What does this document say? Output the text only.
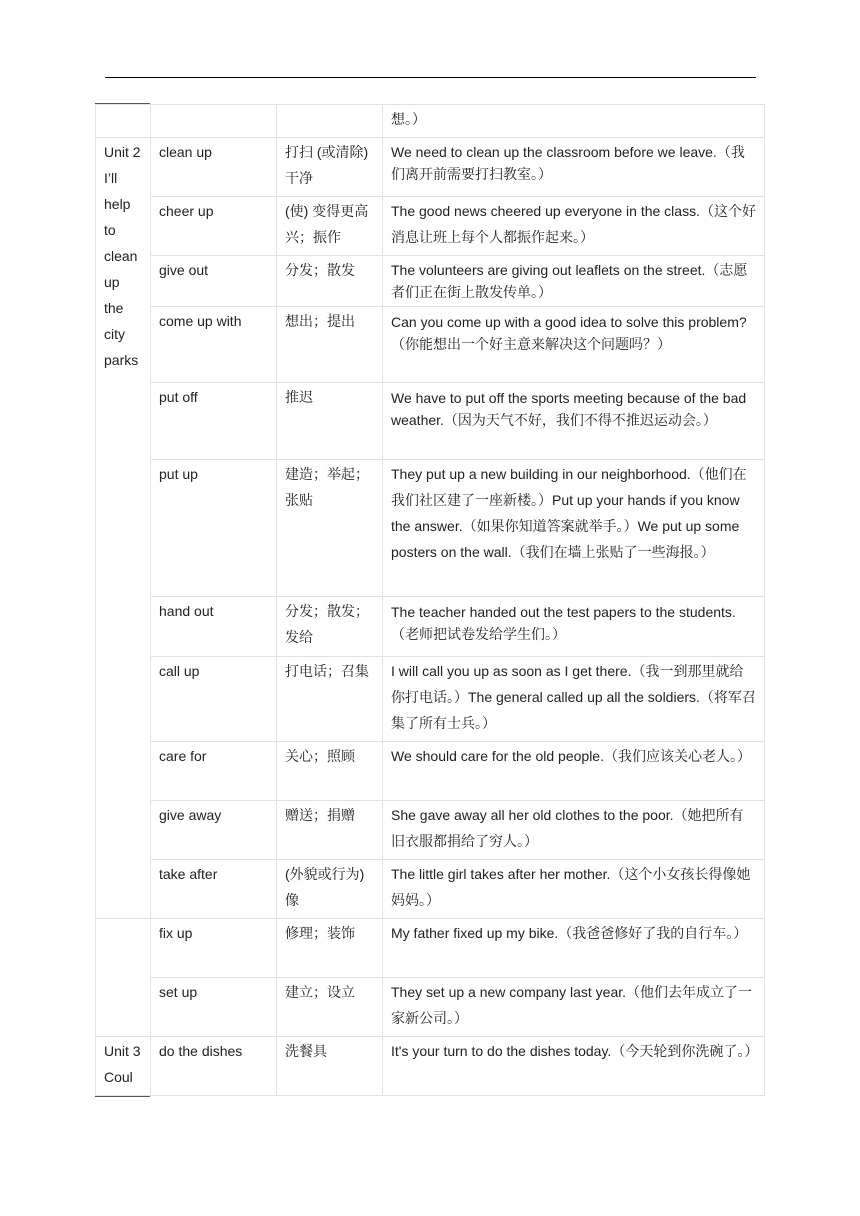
			想。）
Unit 2 I’ll help to clean up the city parks	clean up	打扫 (或清除) 干净	We need to clean up the classroom before we leave.（我们离开前需要打扫教室。）
	cheer up	(使) 变得更高兴；振作	The good news cheered up everyone in the class.（这个好消息让班上每个人都振作起来。）
	give out	分发；散发	The volunteers are giving out leaflets on the street.（志愿者们正在街上散发传单。）
	come up with	想出；提出	Can you come up with a good idea to solve this problem?（你能想出一个好主意来解决这个问题吗？）
	put off	推迟	We have to put off the sports meeting because of the bad weather.（因为天气不好，我们不得不推迟运动会。）
	put up	建造；举起；张贴	They put up a new building in our neighborhood.（他们在我们社区建了一座新楼。）Put up your hands if you know the answer.（如果你知道答案就举手。）We put up some posters on the wall.（我们在墙上张贴了一些海报。）
	hand out	分发；散发；发给	The teacher handed out the test papers to the students.（老师把试卷发给学生们。）
	call up	打电话；召集	I will call you up as soon as I get there.（我一到那里就给你打电话。）The general called up all the soldiers.（将军召集了所有士兵。）
	care for	关心；照顾	We should care for the old people.（我们应该关心老人。）
	give away	赠送；捐赠	She gave away all her old clothes to the poor.（她把所有旧衣服都捐给了穷人。）
	take after	(外貌或行为) 像	The little girl takes after her mother.（这个小女孩长得像她妈妈。）
	fix up	修理；装饰	My father fixed up my bike.（我爸爸修好了我的自行车。）
	set up	建立；设立	They set up a new company last year.（他们去年成立了一家新公司。）
Unit 3 Coul	do the dishes	洗餐具	It's your turn to do the dishes today.（今天轮到你洗碗了。）
